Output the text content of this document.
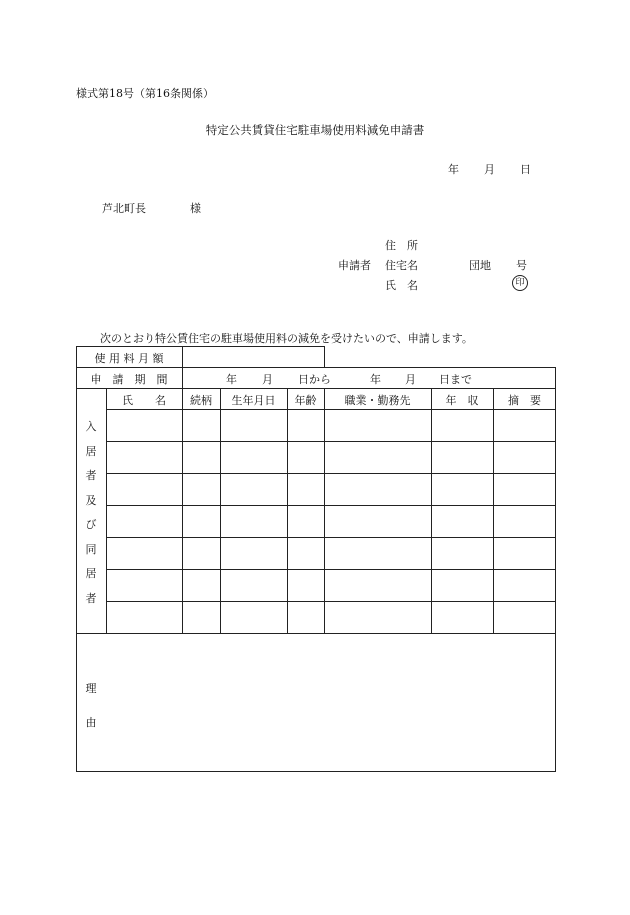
様式第18号（第16条関係）
特定公共賃貸住宅駐車場使用料減免申請書
年 月 日
芦北町長	様
住　所
申請者 住宅名	団地 号
氏　名	印
次のとおり特公賃住宅の駐車場使用料の減免を受けたいので、申請します。
使 用 料 月 額
申　請　期　間	年 月 日から	年 月 日まで
氏　　名	続柄	生年月日	年齢	職業・勤務先	年　収	摘　要
入
居
者
及
び
同
居
者
理
由
